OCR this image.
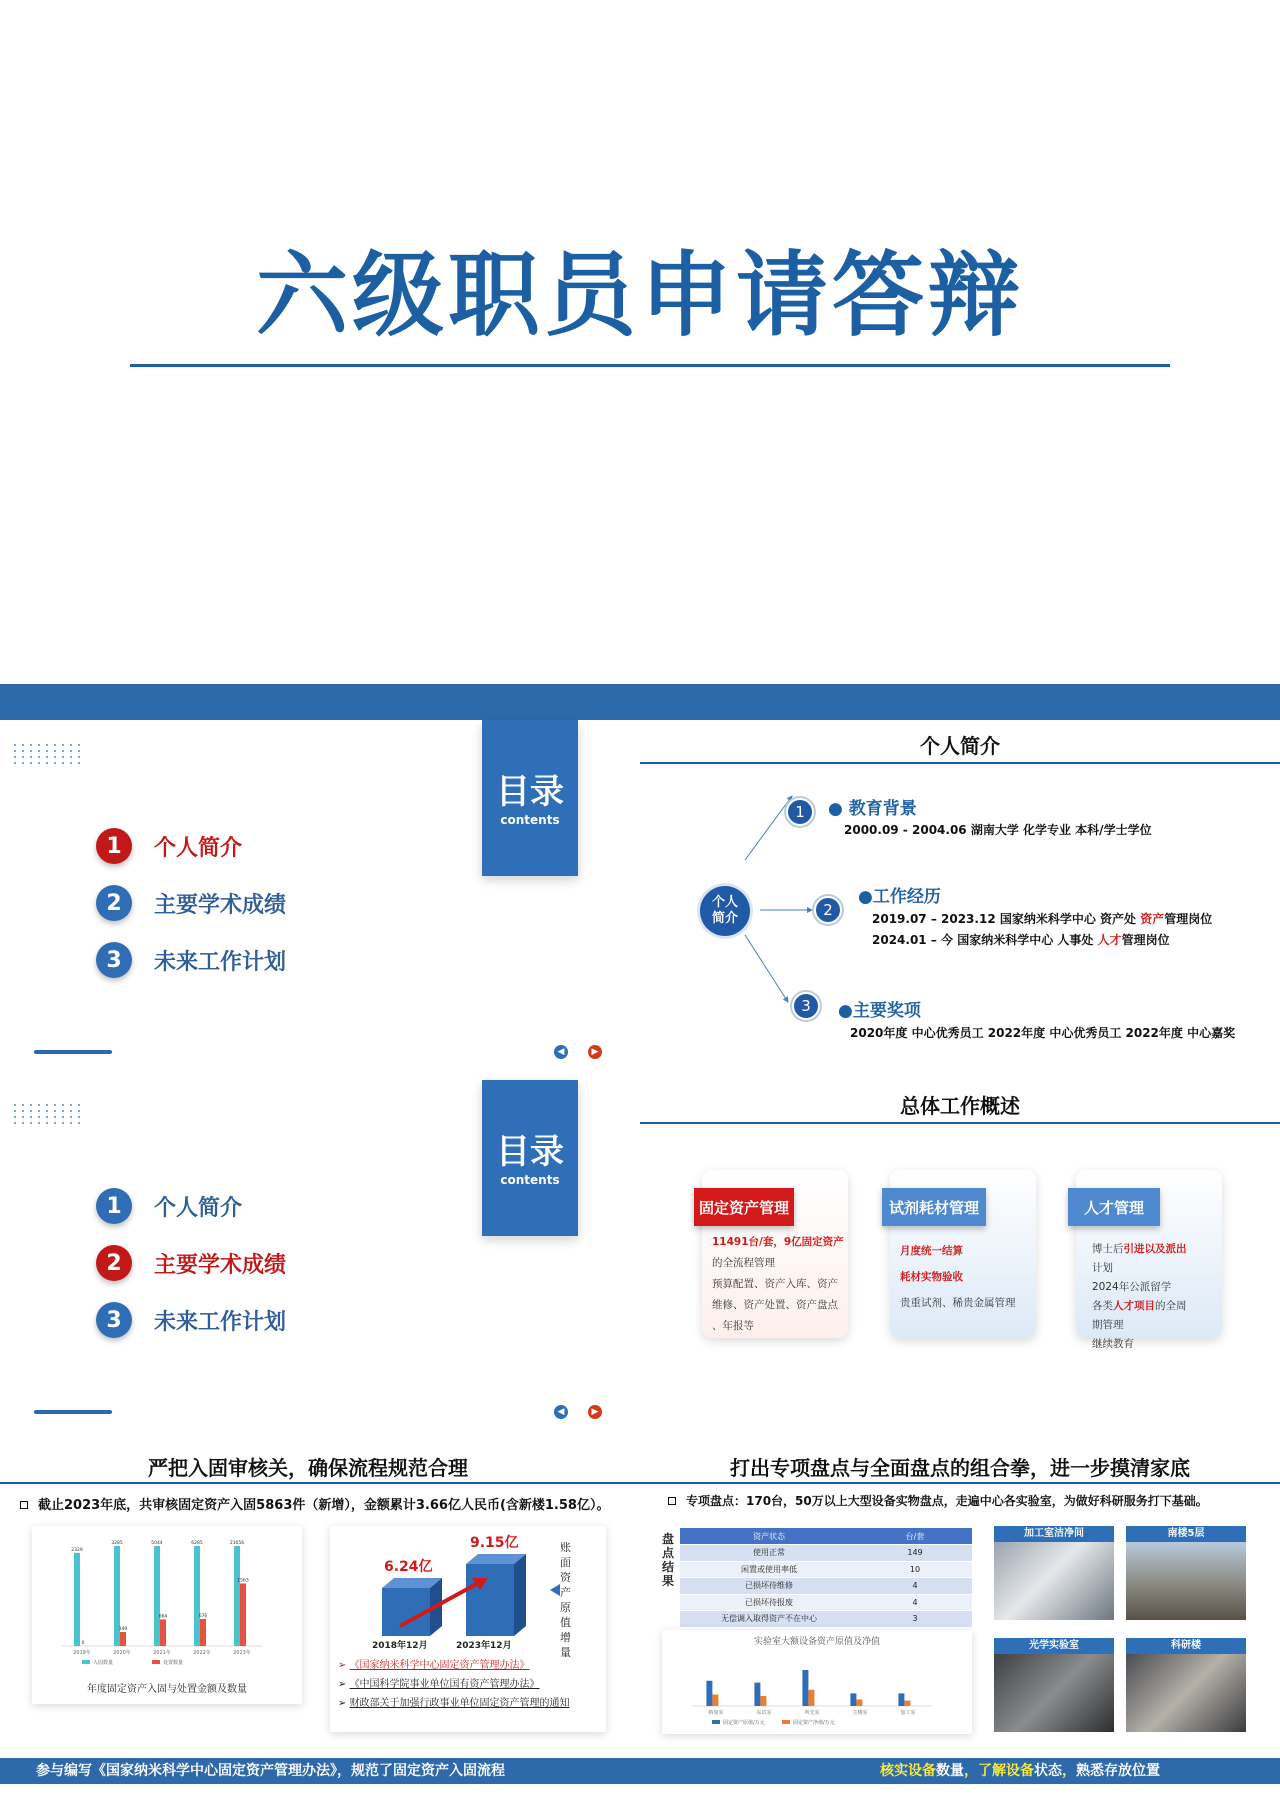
六级职员申请答辩
目录
contents
1	个人简介
2	主要学术成绩
3	未来工作计划
◀	▶
个人简介
个人
简介
1	● 教育背景
2000.09 - 2004.06 湖南大学 化学专业 本科/学士学位
2
●工作经历
2019.07 – 2023.12 国家纳米科学中心 资产处 资产管理岗位
2024.01 – 今 国家纳米科学中心 人事处 人才管理岗位
3	●主要奖项
2020年度 中心优秀员工 2022年度 中心优秀员工 2022年度 中心嘉奖
目录
contents
1	个人简介
2	主要学术成绩
3	未来工作计划
◀	▶
总体工作概述
固定资产管理
11491台/套，9亿固定资产
的全流程管理
预算配置、资产入库、资产
维修、资产处置、资产盘点
、年报等
试剂耗材管理
月度统一结算
耗材实物验收
贵重试剂、稀贵金属管理
人才管理
博士后引进以及派出
计划
2024年公派留学
各类人才项目的全周
期管理
继续教育
严把入固审核关，确保流程规范合理
截止2023年底，共审核固定资产入固5863件（新增），金额累计3.66亿人民币(含新楼1.58亿）。
2019年
2329
0
2020年
3285
349
2021年
5044
664
2022年
6285
676
2023年
21656
1563
入固数量	处置数量
年度固定资产入固与处置金额及数量
6.24亿
9.15亿
2018年12月	2023年12月
账面资产原值增量
➢ 《国家纳米科学中心固定资产管理办法》
➢ 《中国科学院事业单位国有资产管理办法》
➢ 财政部关于加强行政事业单位固定资产管理的通知
参与编写《国家纳米科学中心固定资产管理办法》，规范了固定资产入固流程
打出专项盘点与全面盘点的组合拳，进一步摸清家底
专项盘点：170台，50万以上大型设备实物盘点，走遍中心各实验室，为做好科研服务打下基础。
盘
点
结
果
资产状态	台/套
使用正常	149
闲置或使用率低	10
已损坏待维修	4
已损坏待报废	4
无偿调入取得资产不在中心	3
实验室大额设备资产原值及净值
纳加室	东试室	所光室	主楼室	加工室
固定资产原值/万元	固定资产净值/万元
加工室洁净间	南楼5层
光学实验室	科研楼
核实设备数量，了解设备状态，熟悉存放位置
